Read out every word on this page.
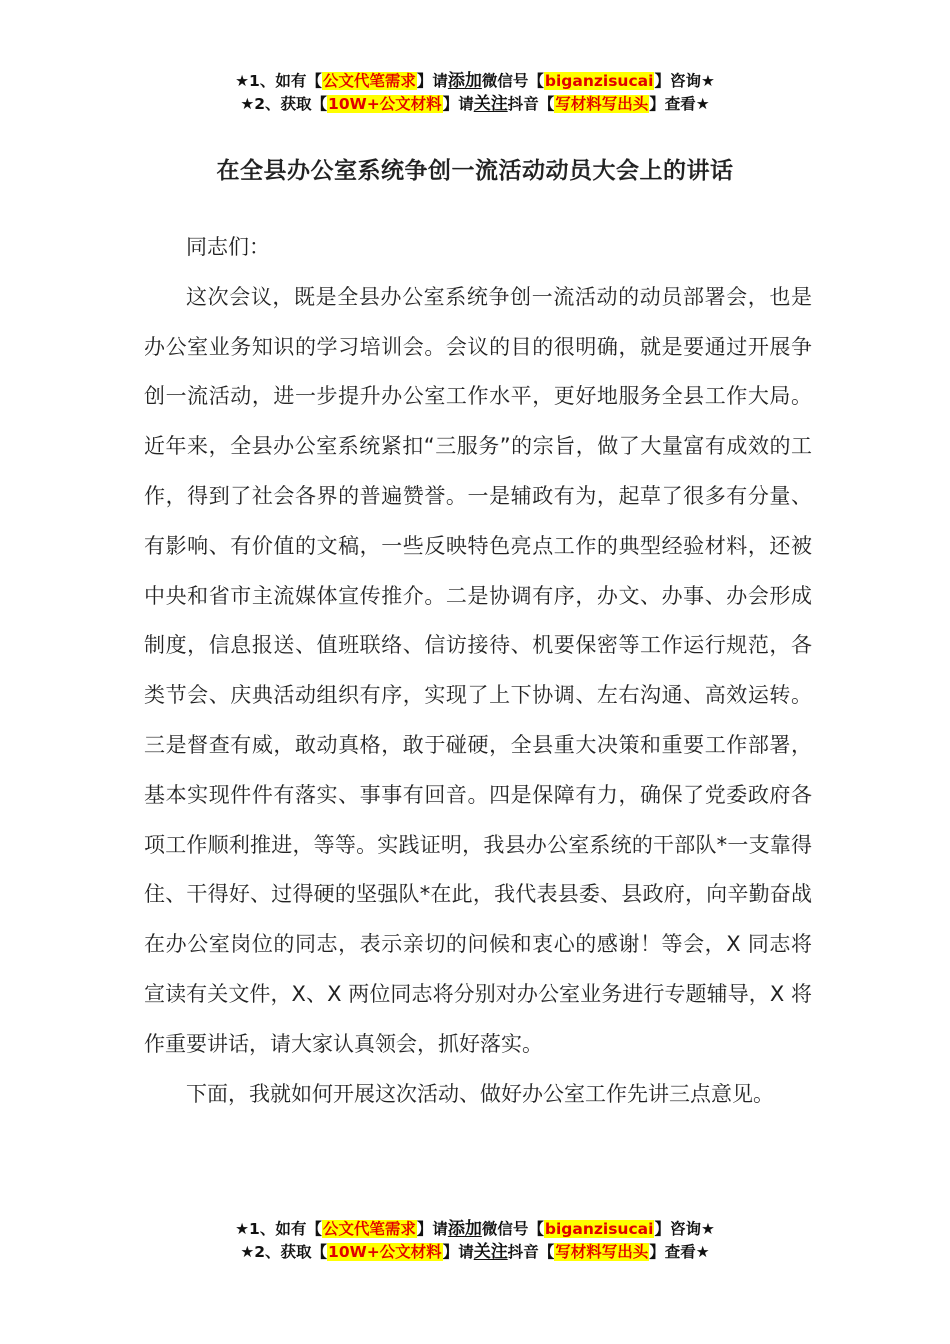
★1、如有【公文代笔需求】请添加微信号【biganzisucai】咨询★
★2、获取【10W+公文材料】请关注抖音【写材料写出头】查看★
在全县办公室系统争创一流活动动员大会上的讲话

同志们：

这次会议，既是全县办公室系统争创一流活动的动员部署会，也是办公室业务知识的学习培训会。会议的目的很明确，就是要通过开展争创一流活动，进一步提升办公室工作水平，更好地服务全县工作大局。近年来，全县办公室系统紧扣“三服务”的宗旨，做了大量富有成效的工作，得到了社会各界的普遍赞誉。一是辅政有为，起草了很多有分量、有影响、有价值的文稿，一些反映特色亮点工作的典型经验材料，还被中央和省市主流媒体宣传推介。二是协调有序，办文、办事、办会形成制度，信息报送、值班联络、信访接待、机要保密等工作运行规范，各类节会、庆典活动组织有序，实现了上下协调、左右沟通、高效运转。三是督查有威，敢动真格，敢于碰硬，全县重大决策和重要工作部署，基本实现件件有落实、事事有回音。四是保障有力，确保了党委政府各项工作顺利推进，等等。实践证明，我县办公室系统的干部队*一支靠得住、干得好、过得硬的坚强队*在此，我代表县委、县政府，向辛勤奋战在办公室岗位的同志，表示亲切的问候和衷心的感谢！等会，X 同志将宣读有关文件，X、X 两位同志将分别对办公室业务进行专题辅导，X 将作重要讲话，请大家认真领会，抓好落实。

下面，我就如何开展这次活动、做好办公室工作先讲三点意见。

★1、如有【公文代笔需求】请添加微信号【biganzisucai】咨询★
★2、获取【10W+公文材料】请关注抖音【写材料写出头】查看★
